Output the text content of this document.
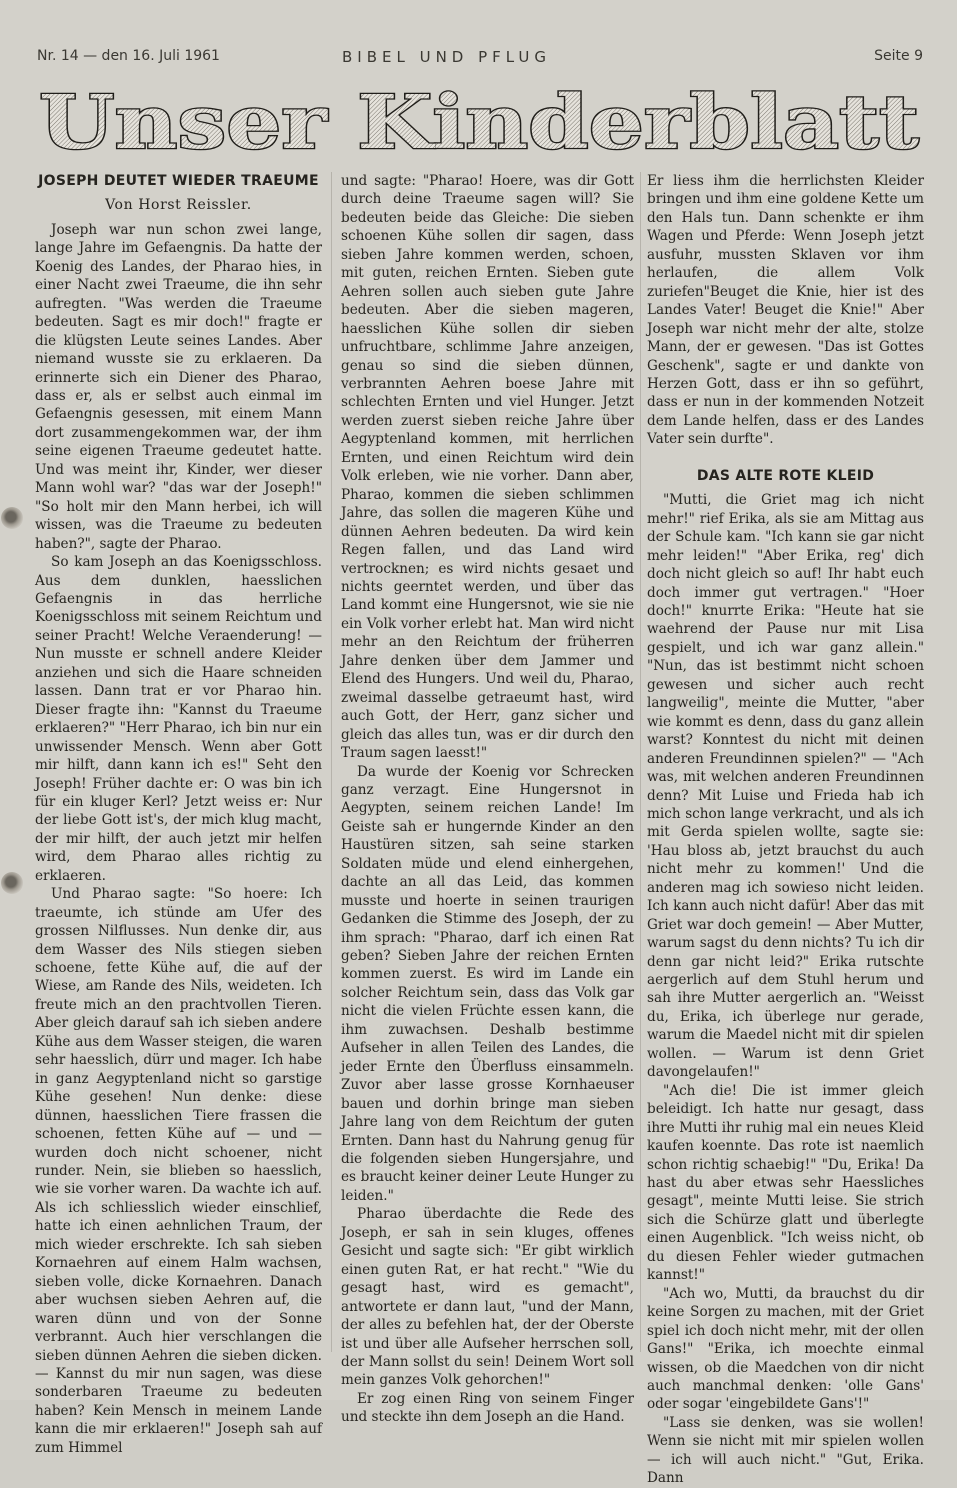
Nr. 14 — den 16. Juli 1961	BIBEL UND PFLUG	Seite 9
Unser Kinderblatt
JOSEPH DEUTET WIEDER TRAEUME

Von Horst Reissler.

Joseph war nun schon zwei lange, lange Jahre im Gefaengnis. Da hatte der Koenig des Landes, der Pharao hies, in einer Nacht zwei Traeume, die ihn sehr aufregten. "Was werden die Traeume bedeuten. Sagt es mir doch!" fragte er die klügsten Leute seines Landes. Aber niemand wusste sie zu erklaeren. Da erinnerte sich ein Diener des Pharao, dass er, als er selbst auch einmal im Gefaengnis gesessen, mit einem Mann dort zusammengekommen war, der ihm seine eigenen Traeume gedeutet hatte. Und was meint ihr, Kinder, wer dieser Mann wohl war? "das war der Joseph!" "So holt mir den Mann herbei, ich will wissen, was die Traeume zu bedeuten haben?", sagte der Pharao.

So kam Joseph an das Koenigsschloss. Aus dem dunklen, haesslichen Gefaengnis in das herrliche Koenigsschloss mit seinem Reichtum und seiner Pracht! Welche Veraenderung! — Nun musste er schnell andere Kleider anziehen und sich die Haare schneiden lassen. Dann trat er vor Pharao hin. Dieser fragte ihn: "Kannst du Traeume erklaeren?" "Herr Pharao, ich bin nur ein unwissender Mensch. Wenn aber Gott mir hilft, dann kann ich es!" Seht den Joseph! Früher dachte er: O was bin ich für ein kluger Kerl? Jetzt weiss er: Nur der liebe Gott ist's, der mich klug macht, der mir hilft, der auch jetzt mir helfen wird, dem Pharao alles richtig zu erklaeren.

Und Pharao sagte: "So hoere: Ich traeumte, ich stünde am Ufer des grossen Nilflusses. Nun denke dir, aus dem Wasser des Nils stiegen sieben schoene, fette Kühe auf, die auf der Wiese, am Rande des Nils, weideten. Ich freute mich an den prachtvollen Tieren. Aber gleich darauf sah ich sieben andere Kühe aus dem Wasser steigen, die waren sehr haesslich, dürr und mager. Ich habe in ganz Aegyptenland nicht so garstige Kühe gesehen! Nun denke: diese dünnen, haesslichen Tiere frassen die schoenen, fetten Kühe auf — und — wurden doch nicht schoener, nicht runder. Nein, sie blieben so haesslich, wie sie vorher waren. Da wachte ich auf. Als ich schliesslich wieder einschlief, hatte ich einen aehnlichen Traum, der mich wieder erschrekte. Ich sah sieben Kornaehren auf einem Halm wachsen, sieben volle, dicke Kornaehren. Danach aber wuchsen sieben Aehren auf, die waren dünn und von der Sonne verbrannt. Auch hier verschlangen die sieben dünnen Aehren die sieben dicken. — Kannst du mir nun sagen, was diese sonderbaren Traeume zu bedeuten haben? Kein Mensch in meinem Lande kann die mir erklaeren!" Joseph sah auf zum Himmel

und sagte: "Pharao! Hoere, was dir Gott durch deine Traeume sagen will? Sie bedeuten beide das Gleiche: Die sieben schoenen Kühe sollen dir sagen, dass sieben Jahre kommen werden, schoen, mit guten, reichen Ernten. Sieben gute Aehren sollen auch sieben gute Jahre bedeuten. Aber die sieben mageren, haesslichen Kühe sollen dir sieben unfruchtbare, schlimme Jahre anzeigen, genau so sind die sieben dünnen, verbrannten Aehren boese Jahre mit schlechten Ernten und viel Hunger. Jetzt werden zuerst sieben reiche Jahre über Aegyptenland kommen, mit herrlichen Ernten, und einen Reichtum wird dein Volk erleben, wie nie vorher. Dann aber, Pharao, kommen die sieben schlimmen Jahre, das sollen die mageren Kühe und dünnen Aehren bedeuten. Da wird kein Regen fallen, und das Land wird vertrocknen; es wird nichts gesaet und nichts geerntet werden, und über das Land kommt eine Hungersnot, wie sie nie ein Volk vorher erlebt hat. Man wird nicht mehr an den Reichtum der früherren Jahre denken über dem Jammer und Elend des Hungers. Und weil du, Pharao, zweimal dasselbe getraeumt hast, wird auch Gott, der Herr, ganz sicher und gleich das alles tun, was er dir durch den Traum sagen laesst!"

Da wurde der Koenig vor Schrecken ganz verzagt. Eine Hungersnot in Aegypten, seinem reichen Lande! Im Geiste sah er hungernde Kinder an den Haustüren sitzen, sah seine starken Soldaten müde und elend einhergehen, dachte an all das Leid, das kommen musste und hoerte in seinen traurigen Gedanken die Stimme des Joseph, der zu ihm sprach: "Pharao, darf ich einen Rat geben? Sieben Jahre der reichen Ernten kommen zuerst. Es wird im Lande ein solcher Reichtum sein, dass das Volk gar nicht die vielen Früchte essen kann, die ihm zuwachsen. Deshalb bestimme Aufseher in allen Teilen des Landes, die jeder Ernte den Überfluss einsammeln. Zuvor aber lasse grosse Kornhaeuser bauen und dorhin bringe man sieben Jahre lang von dem Reichtum der guten Ernten. Dann hast du Nahrung genug für die folgenden sieben Hungersjahre, und es braucht keiner deiner Leute Hunger zu leiden."

Pharao überdachte die Rede des Joseph, er sah in sein kluges, offenes Gesicht und sagte sich: "Er gibt wirklich einen guten Rat, er hat recht." "Wie du gesagt hast, wird es gemacht", antwortete er dann laut, "und der Mann, der alles zu befehlen hat, der der Oberste ist und über alle Aufseher herrschen soll, der Mann sollst du sein! Deinem Wort soll mein ganzes Volk gehorchen!"

Er zog einen Ring von seinem Finger und steckte ihn dem Joseph an die Hand.

Er liess ihm die herrlichsten Kleider bringen und ihm eine goldene Kette um den Hals tun. Dann schenkte er ihm Wagen und Pferde: Wenn Joseph jetzt ausfuhr, mussten Sklaven vor ihm herlaufen, die allem Volk zuriefen"Beuget die Knie, hier ist des Landes Vater! Beuget die Knie!" Aber Joseph war nicht mehr der alte, stolze Mann, der er gewesen. "Das ist Gottes Geschenk", sagte er und dankte von Herzen Gott, dass er ihn so geführt, dass er nun in der kommenden Notzeit dem Lande helfen, dass er des Landes Vater sein durfte".

DAS ALTE ROTE KLEID

"Mutti, die Griet mag ich nicht mehr!" rief Erika, als sie am Mittag aus der Schule kam. "Ich kann sie gar nicht mehr leiden!" "Aber Erika, reg' dich doch nicht gleich so auf! Ihr habt euch doch immer gut vertragen." "Hoer doch!" knurrte Erika: "Heute hat sie waehrend der Pause nur mit Lisa gespielt, und ich war ganz allein." "Nun, das ist bestimmt nicht schoen gewesen und sicher auch recht langweilig", meinte die Mutter, "aber wie kommt es denn, dass du ganz allein warst? Konntest du nicht mit deinen anderen Freundinnen spielen?" — "Ach was, mit welchen anderen Freundinnen denn? Mit Luise und Frieda hab ich mich schon lange verkracht, und als ich mit Gerda spielen wollte, sagte sie: 'Hau bloss ab, jetzt brauchst du auch nicht mehr zu kommen!' Und die anderen mag ich sowieso nicht leiden. Ich kann auch nicht dafür! Aber das mit Griet war doch gemein! — Aber Mutter, warum sagst du denn nichts? Tu ich dir denn gar nicht leid?" Erika rutschte aergerlich auf dem Stuhl herum und sah ihre Mutter aergerlich an. "Weisst du, Erika, ich überlege nur gerade, warum die Maedel nicht mit dir spielen wollen. — Warum ist denn Griet davongelaufen!"

"Ach die! Die ist immer gleich beleidigt. Ich hatte nur gesagt, dass ihre Mutti ihr ruhig mal ein neues Kleid kaufen koennte. Das rote ist naemlich schon richtig schaebig!" "Du, Erika! Da hast du aber etwas sehr Haessliches gesagt", meinte Mutti leise. Sie strich sich die Schürze glatt und überlegte einen Augenblick. "Ich weiss nicht, ob du diesen Fehler wieder gutmachen kannst!"

"Ach wo, Mutti, da brauchst du dir keine Sorgen zu machen, mit der Griet spiel ich doch nicht mehr, mit der ollen Gans!" "Erika, ich moechte einmal wissen, ob die Maedchen von dir nicht auch manchmal denken: 'olle Gans' oder sogar 'eingebildete Gans'!"

"Lass sie denken, was sie wollen! Wenn sie nicht mit mir spielen wollen — ich will auch nicht." "Gut, Erika. Dann
